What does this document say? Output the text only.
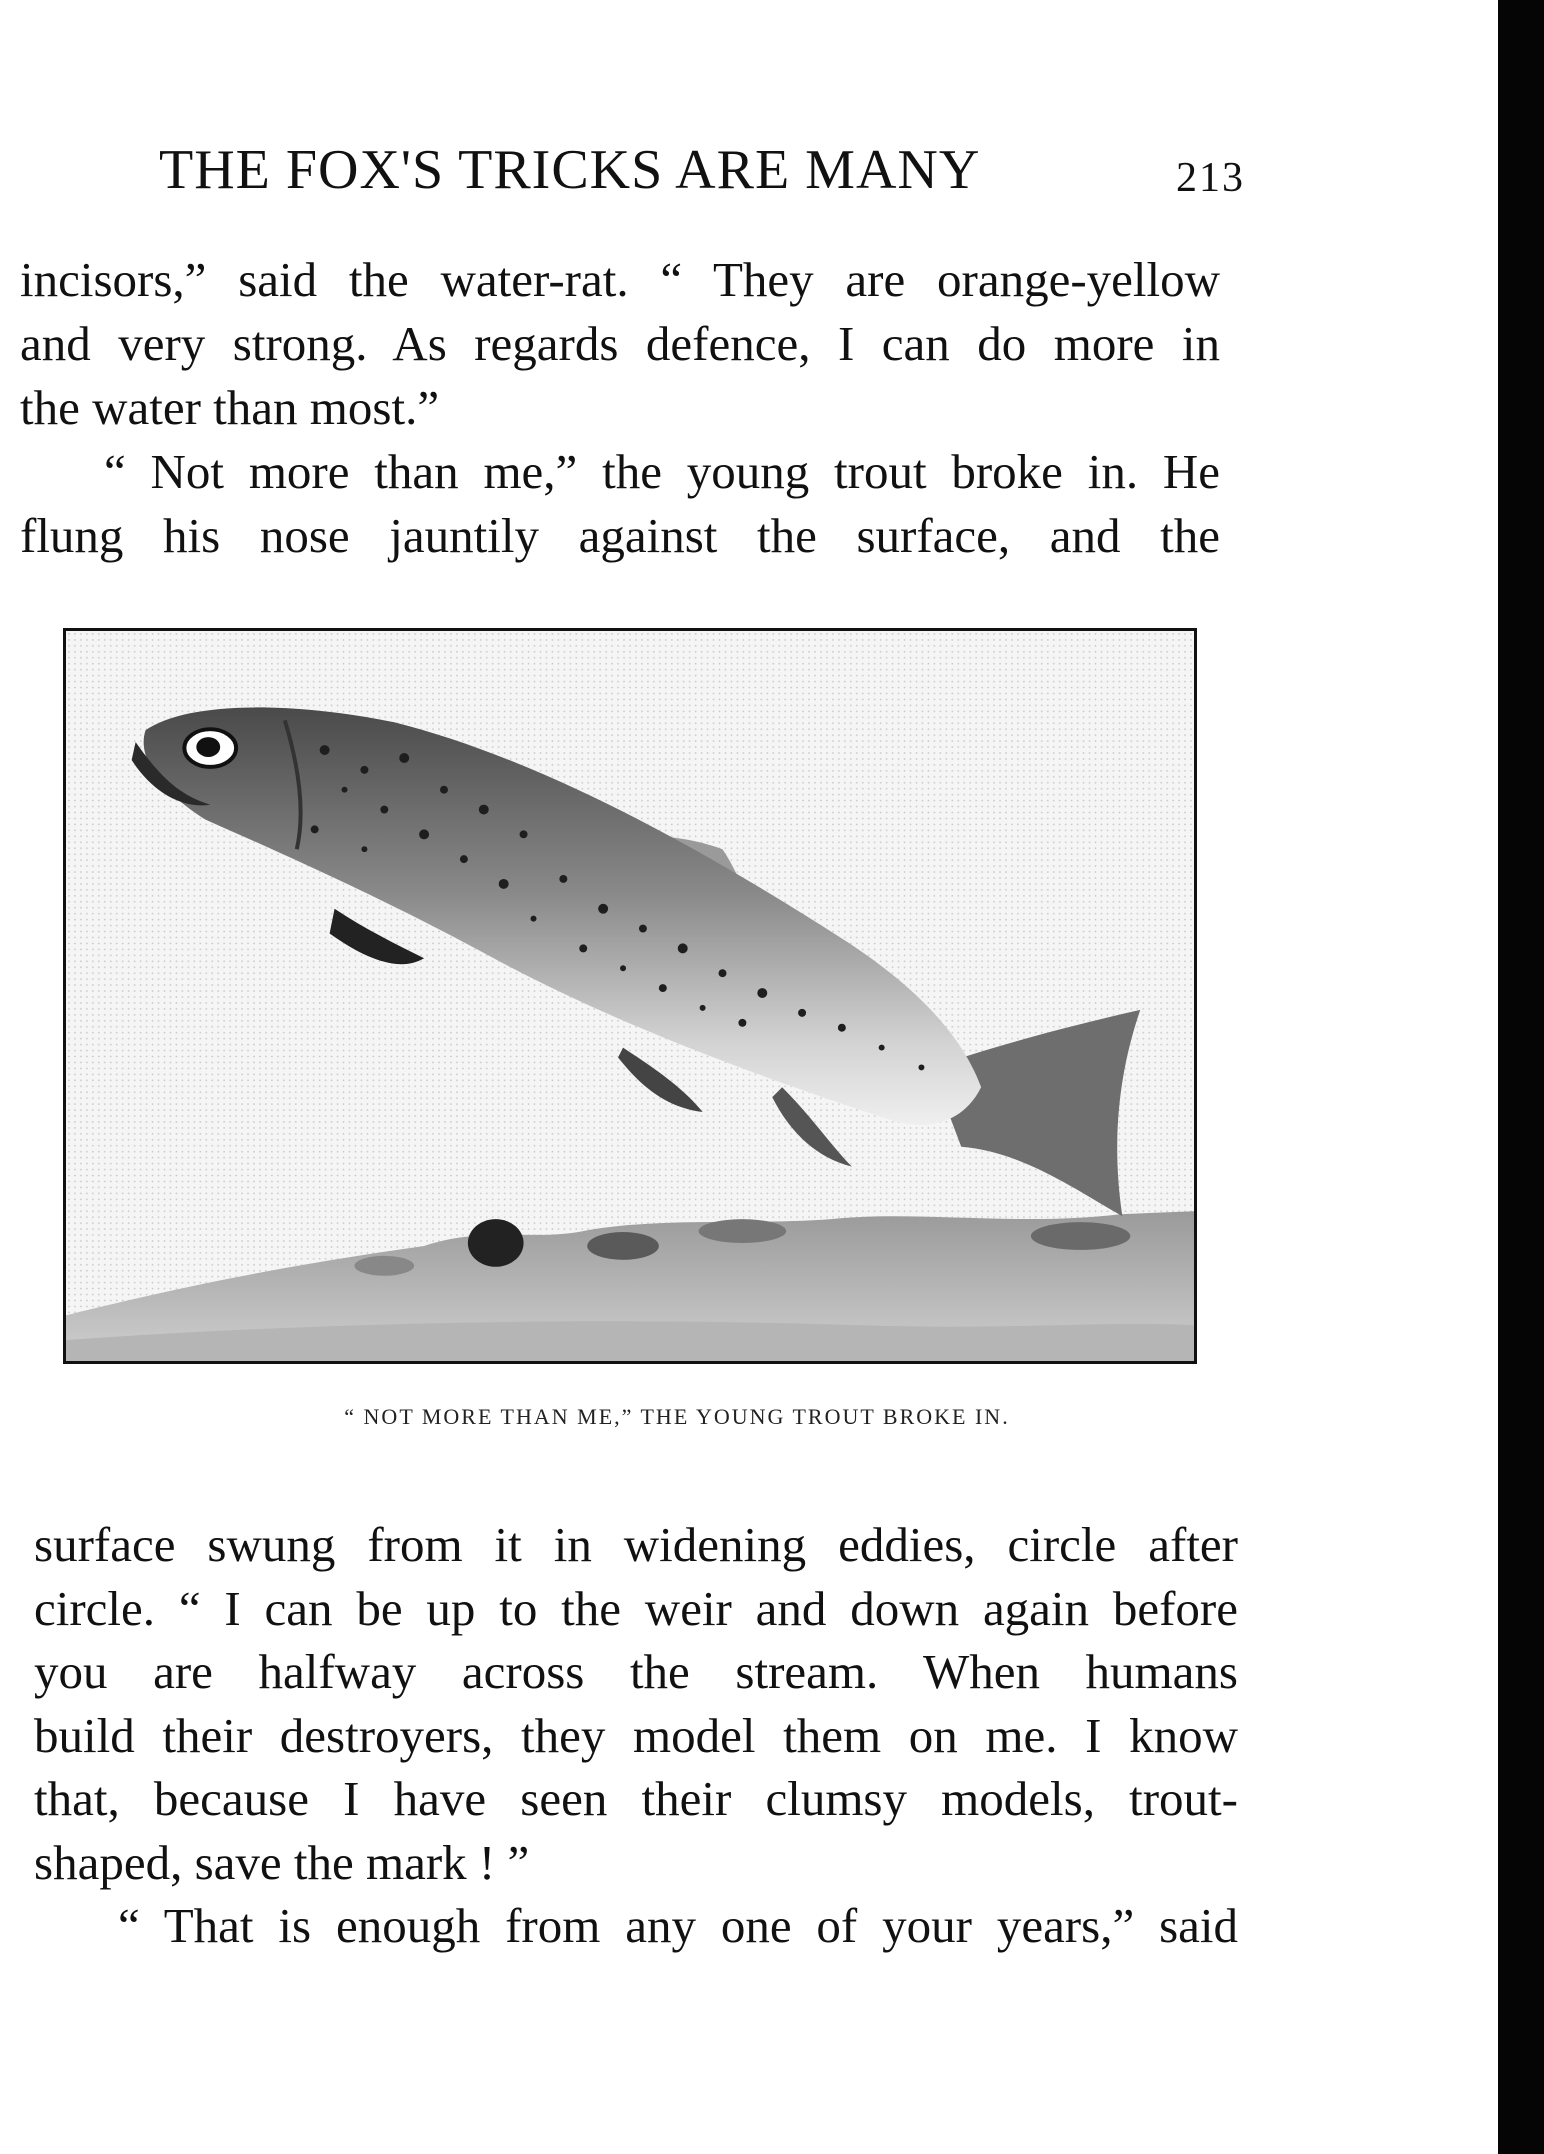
THE FOX'S TRICKS ARE MANY	213
incisors,” said the water-rat. “ They are orange-yellow
and very strong. As regards defence, I can do more in
the water than most.”
“ Not more than me,” the young trout broke in. He
flung his nose jauntily against the surface, and the
“ NOT MORE THAN ME,” THE YOUNG TROUT BROKE IN.
surface swung from it in widening eddies, circle after
circle. “ I can be up to the weir and down again before
you are halfway across the stream. When humans
build their destroyers, they model them on me. I know
that, because I have seen their clumsy models, trout-
shaped, save the mark ! ”
“ That is enough from any one of your years,” said
